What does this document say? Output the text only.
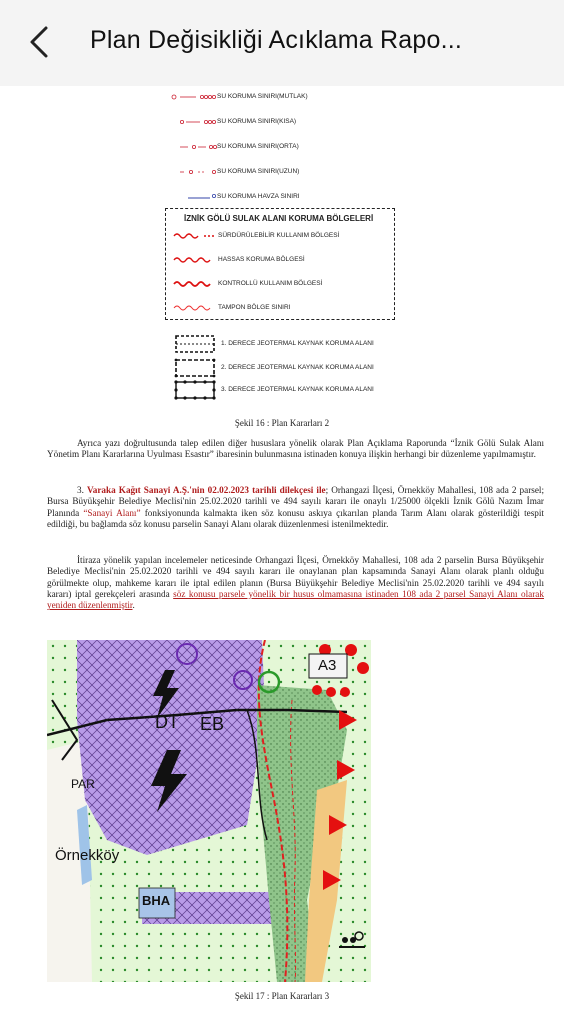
Plan Değisikliği Acıklama Rapo...
SU KORUMA SINIRI(MUTLAK)
SU KORUMA SINIRI(KISA)
SU KORUMA SINIRI(ORTA)
SU KORUMA SINIRI(UZUN)
SU KORUMA HAVZA SINIRI
İZNİK GÖLÜ SULAK ALANI KORUMA BÖLGELERİ
SÜRDÜRÜLEBİLİR KULLANIM BÖLGESİ
HASSAS KORUMA BÖLGESİ
KONTROLLÜ KULLANIM BÖLGESİ
TAMPON BÖLGE SINIRI
1. DERECE JEOTERMAL KAYNAK KORUMA ALANI
2. DERECE JEOTERMAL KAYNAK KORUMA ALANI
3. DERECE JEOTERMAL KAYNAK KORUMA ALANI
Şekil 16 : Plan Kararları 2

Ayrıca yazı doğrultusunda talep edilen diğer hususlara yönelik olarak Plan Açıklama Raporunda “İznik Gölü Sulak Alanı Yönetim Planı Kararlarına Uyulması Esastır” ibaresinin bulunmasına istinaden konuya ilişkin herhangi bir düzenleme yapılmamıştır.

3. Varaka Kağıt Sanayi A.Ş.'nin 02.02.2023 tarihli dilekçesi ile; Orhangazi İlçesi, Örnekköy Mahallesi, 108 ada 2 parsel; Bursa Büyükşehir Belediye Meclisi'nin 25.02.2020 tarihli ve 494 sayılı kararı ile onaylı 1/25000 ölçekli İznik Gölü Nazım İmar Planında “Sanayi Alanı” fonksiyonunda kalmakta iken söz konusu askıya çıkarılan planda Tarım Alanı olarak gösterildiği tespit edildiği, bu bağlamda söz konusu parselin Sanayi Alanı olarak düzenlenmesi istenilmektedir.

İtiraza yönelik yapılan incelemeler neticesinde Orhangazi İlçesi, Örnekköy Mahallesi, 108 ada 2 parselin Bursa Büyükşehir Belediye Meclisi'nin 25.02.2020 tarihli ve 494 sayılı kararı ile onaylanan plan kapsamında Sanayi Alanı olarak planlı olduğu görülmekte olup, mahkeme kararı ile iptal edilen planın (Bursa Büyükşehir Belediye Meclisi'nin 25.02.2020 tarihli ve 494 sayılı kararı) iptal gerekçeleri arasında söz konusu parsele yönelik bir husus olmamasına istinaden 108 ada 2 parsel Sanayi Alanı olarak yeniden düzenlenmiştir.

A3
DT EB
PAR
Örnekköy
BHA
Şekil 17 : Plan Kararları 3
